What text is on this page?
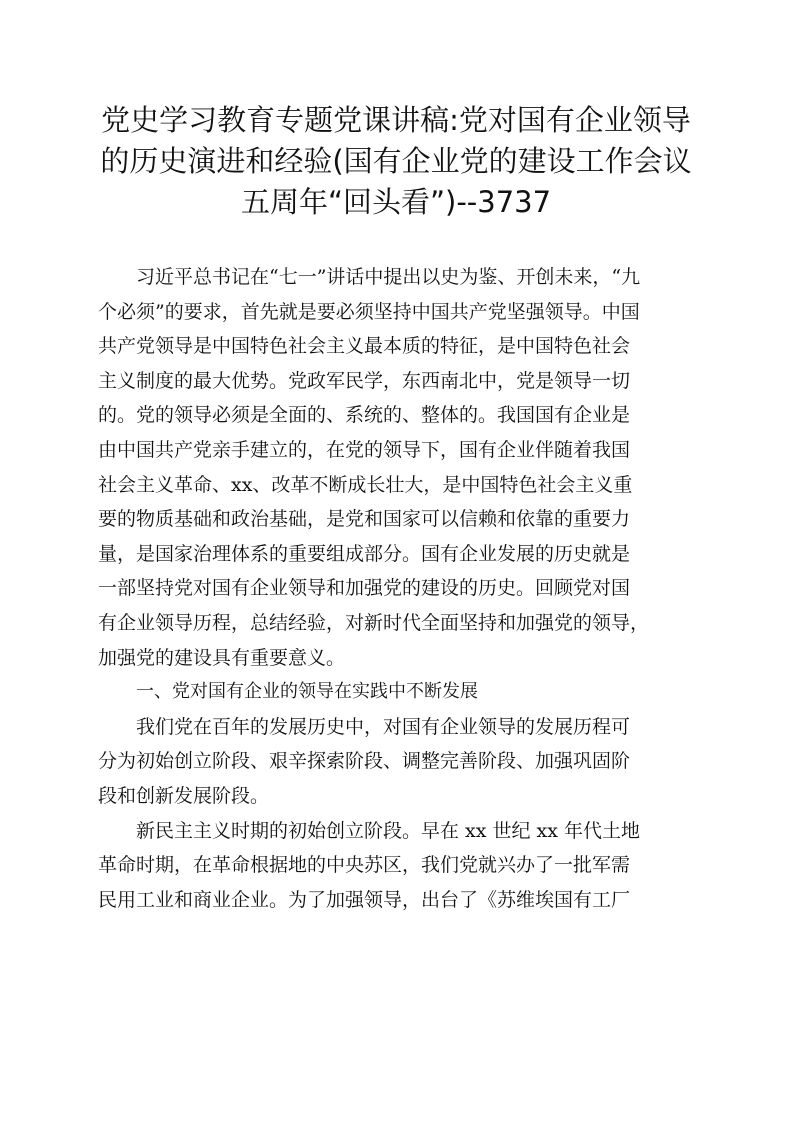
党史学习教育专题党课讲稿:党对国有企业领导
的历史演进和经验(国有企业党的建设工作会议
五周年“回头看”)--3737
习近平总书记在“七一”讲话中提出以史为鉴、开创未来，“九
个必须”的要求，首先就是要必须坚持中国共产党坚强领导。中国
共产党领导是中国特色社会主义最本质的特征，是中国特色社会
主义制度的最大优势。党政军民学，东西南北中，党是领导一切
的。党的领导必须是全面的、系统的、整体的。我国国有企业是
由中国共产党亲手建立的，在党的领导下，国有企业伴随着我国
社会主义革命、xx、改革不断成长壮大，是中国特色社会主义重
要的物质基础和政治基础，是党和国家可以信赖和依靠的重要力
量，是国家治理体系的重要组成部分。国有企业发展的历史就是
一部坚持党对国有企业领导和加强党的建设的历史。回顾党对国
有企业领导历程，总结经验，对新时代全面坚持和加强党的领导，
加强党的建设具有重要意义。
一、党对国有企业的领导在实践中不断发展
我们党在百年的发展历史中，对国有企业领导的发展历程可
分为初始创立阶段、艰辛探索阶段、调整完善阶段、加强巩固阶
段和创新发展阶段。
新民主主义时期的初始创立阶段。早在 xx 世纪 xx 年代土地
革命时期，在革命根据地的中央苏区，我们党就兴办了一批军需
民用工业和商业企业。为了加强领导，出台了《苏维埃国有工厂
